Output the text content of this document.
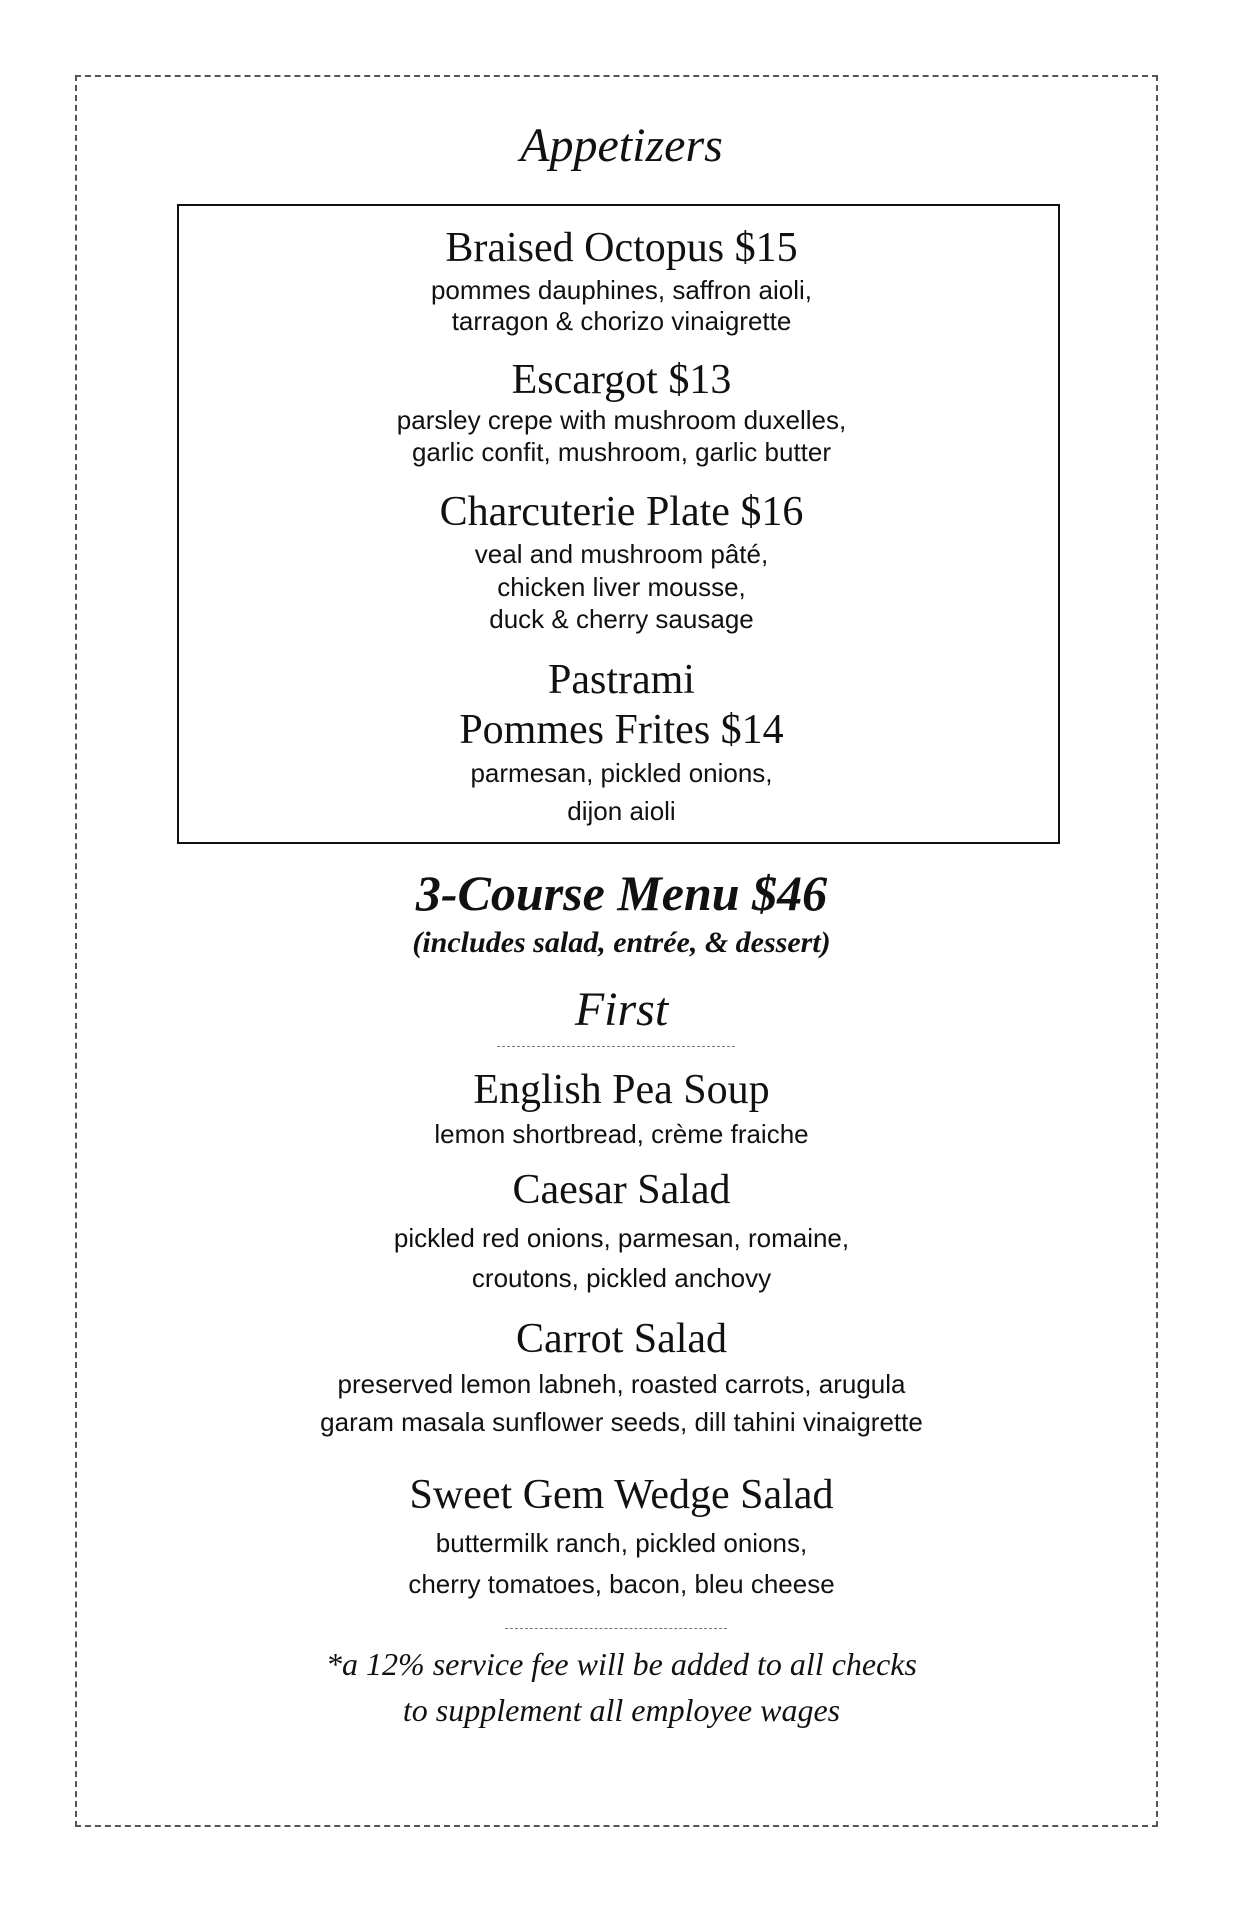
Appetizers
Braised Octopus $15
pommes dauphines, saffron aioli,
tarragon & chorizo vinaigrette
Escargot $13
parsley crepe with mushroom duxelles,
garlic confit, mushroom, garlic butter
Charcuterie Plate $16
veal and mushroom pâté,
chicken liver mousse,
duck & cherry sausage
Pastrami
Pommes Frites $14
parmesan, pickled onions,
dijon aioli
3-Course Menu $46
(includes salad, entrée, & dessert)
First
English Pea Soup
lemon shortbread, crème fraiche
Caesar Salad
pickled red onions, parmesan, romaine,
croutons, pickled anchovy
Carrot Salad
preserved lemon labneh, roasted carrots, arugula
garam masala sunflower seeds, dill tahini vinaigrette
Sweet Gem Wedge Salad
buttermilk ranch, pickled onions,
cherry tomatoes, bacon, bleu cheese
*a 12% service fee will be added to all checks
to supplement all employee wages
